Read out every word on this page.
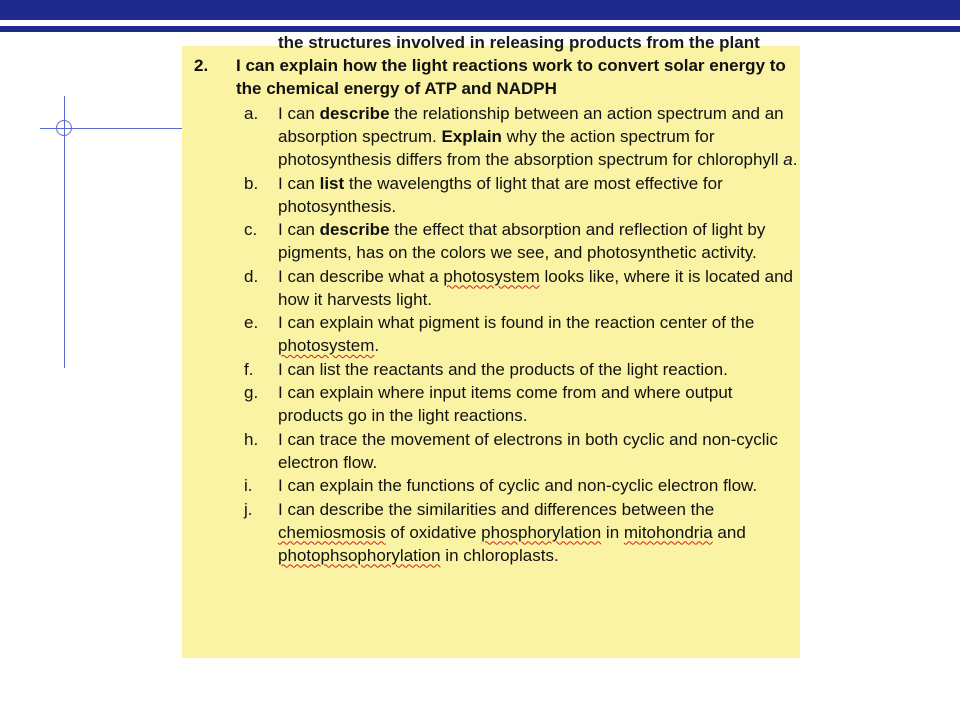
the structures involved in releasing products from the plant
2. I can explain how the light reactions work to convert solar energy to the chemical energy of ATP and NADPH
a. I can describe the relationship between an action spectrum and an absorption spectrum. Explain why the action spectrum for photosynthesis differs from the absorption spectrum for chlorophyll a.
b. I can list the wavelengths of light that are most effective for photosynthesis.
c. I can describe the effect that absorption and reflection of light by pigments, has on the colors we see, and photosynthetic activity.
d. I can describe what a photosystem looks like, where it is located and how it harvests light.
e. I can explain what pigment is found in the reaction center of the photosystem.
f. I can list the reactants and the products of the light reaction.
g. I can explain where input items come from and where output products go in the light reactions.
h. I can trace the movement of electrons in both cyclic and non-cyclic electron flow.
i. I can explain the functions of cyclic and non-cyclic electron flow.
j. I can describe the similarities and differences between the chemiosmosis of oxidative phosphorylation in mitohondria and photophsophorylation in chloroplasts.
